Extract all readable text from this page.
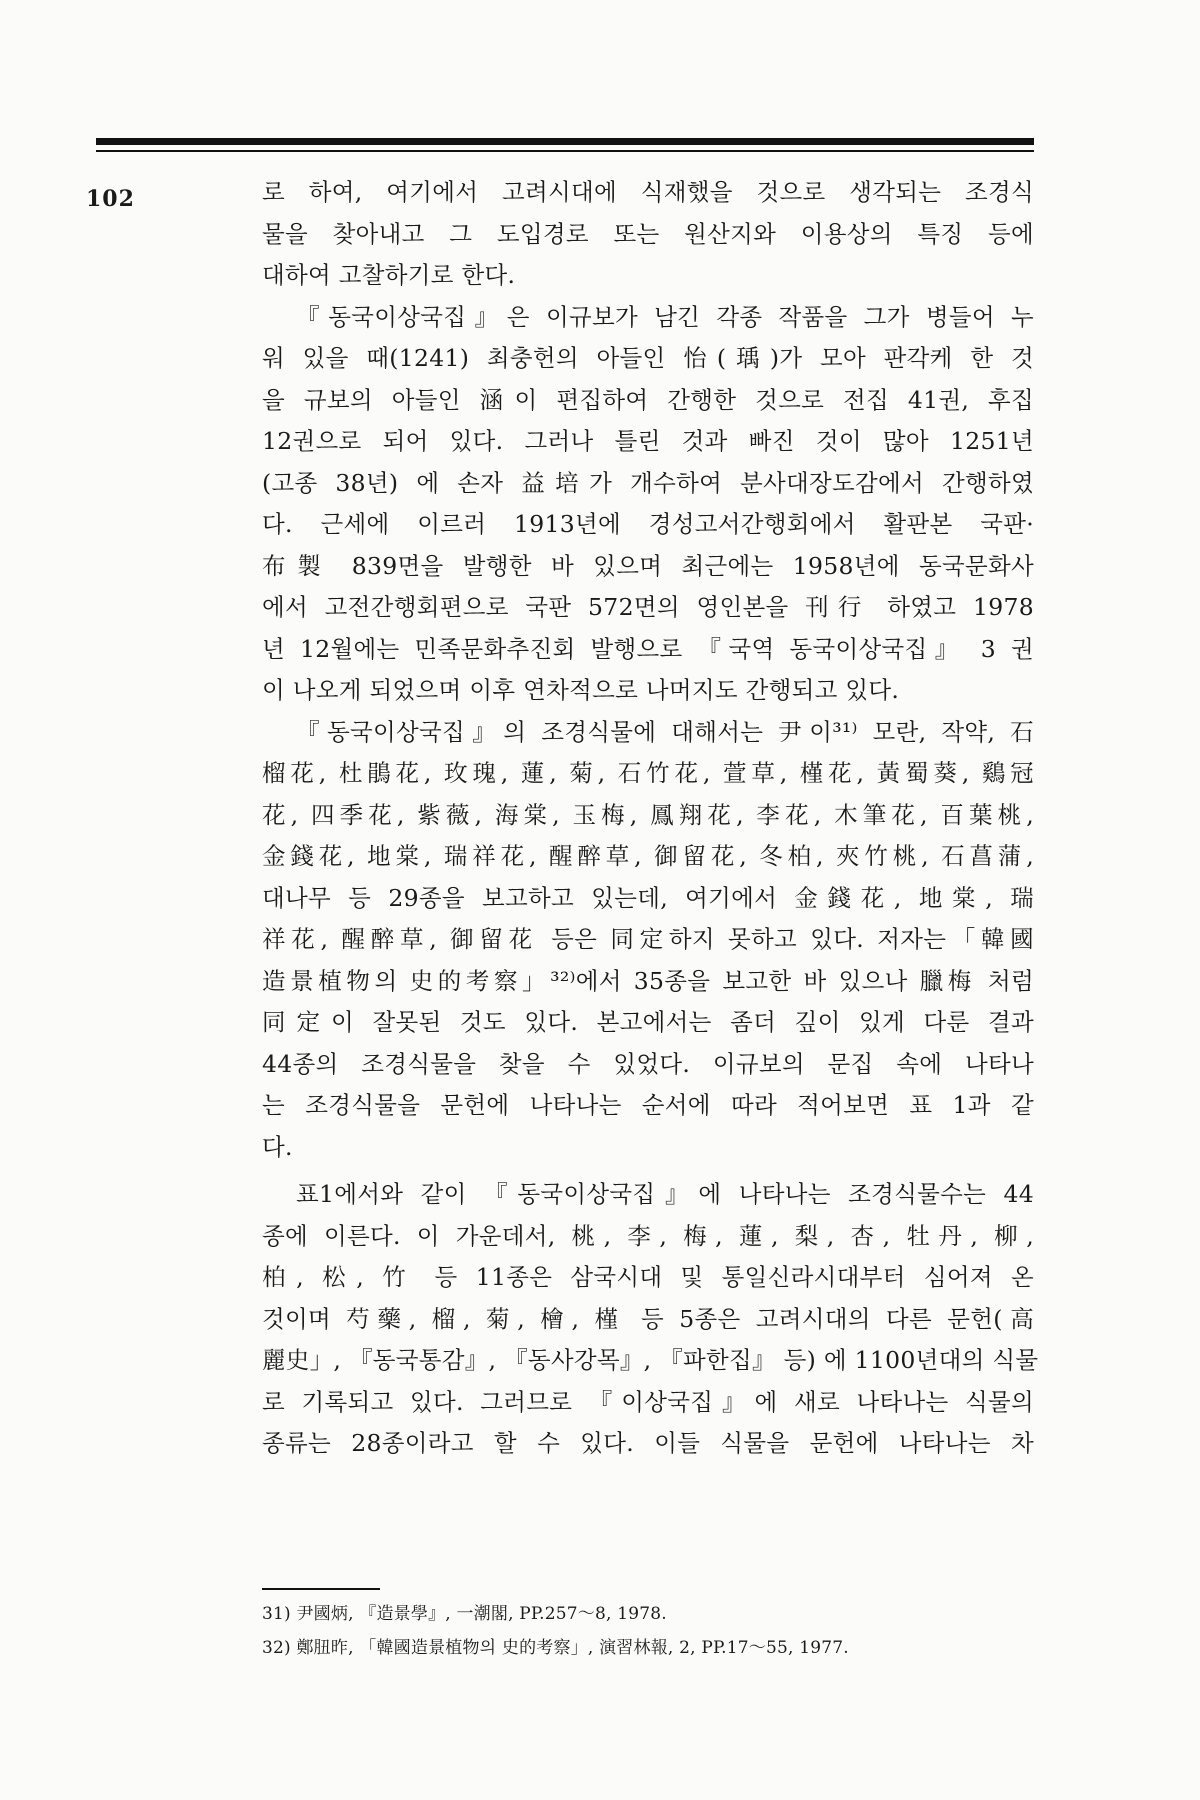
102	로 하여, 여기에서 고려시대에 식재했을 것으로 생각되는 조경식
물을 찾아내고 그 도입경로 또는 원산지와 이용상의 특징 등에
대하여 고찰하기로 한다.
『동국이상국집』은 이규보가 남긴 각종 작품을 그가 병들어 누
워 있을 때(1241) 최충헌의 아들인 怡(瑀)가 모아 판각케 한 것
을 규보의 아들인 涵이 편집하여 간행한 것으로 전집 41권, 후집
12권으로 되어 있다. 그러나 틀린 것과 빠진 것이 많아 1251년
(고종 38년) 에 손자 益培가 개수하여 분사대장도감에서 간행하였
다. 근세에 이르러 1913년에 경성고서간행회에서 활판본 국판·
布製 839면을 발행한 바 있으며 최근에는 1958년에 동국문화사
에서 고전간행회편으로 국판 572면의 영인본을 刊行 하였고 1978
년 12월에는 민족문화추진회 발행으로 『국역 동국이상국집』 3 권
이 나오게 되었으며 이후 연차적으로 나머지도 간행되고 있다.
『동국이상국집』의 조경식물에 대해서는 尹이³¹⁾ 모란, 작약, 石
榴花, 杜鵑花, 玫瑰, 蓮, 菊, 石竹花, 萱草, 槿花, 黃蜀葵, 鷄冠
花, 四季花, 紫薇, 海棠, 玉梅, 鳳翔花, 李花, 木筆花, 百葉桃,
金錢花, 地棠, 瑞祥花, 醒醉草, 御留花, 冬柏, 夾竹桃, 石菖蒲,
대나무 등 29종을 보고하고 있는데, 여기에서 金錢花, 地棠, 瑞
祥花, 醒醉草, 御留花 등은 同定하지 못하고 있다. 저자는「韓國
造景植物의 史的考察」³²⁾에서 35종을 보고한 바 있으나 臘梅 처럼
同定이 잘못된 것도 있다. 본고에서는 좀더 깊이 있게 다룬 결과
44종의 조경식물을 찾을 수 있었다. 이규보의 문집 속에 나타나
는 조경식물을 문헌에 나타나는 순서에 따라 적어보면 표 1과 같
다.
표1에서와 같이 『동국이상국집』에 나타나는 조경식물수는 44
종에 이른다. 이 가운데서, 桃, 李, 梅, 蓮, 梨, 杏, 牡丹, 柳,
柏, 松, 竹 등 11종은 삼국시대 및 통일신라시대부터 심어져 온
것이며 芍藥, 榴, 菊, 檜, 槿 등 5종은 고려시대의 다른 문헌(高
麗史」, 『동국통감』, 『동사강목』, 『파한집』 등) 에 1100년대의 식물
로 기록되고 있다. 그러므로 『이상국집』에 새로 나타나는 식물의
종류는 28종이라고 할 수 있다. 이들 식물을 문헌에 나타나는 차
31) 尹國炳, 『造景學』, 一潮閣, PP.257～8, 1978.
32) 鄭䏔昨, 「韓國造景植物의 史的考察」, 演習林報, 2, PP.17～55, 1977.
